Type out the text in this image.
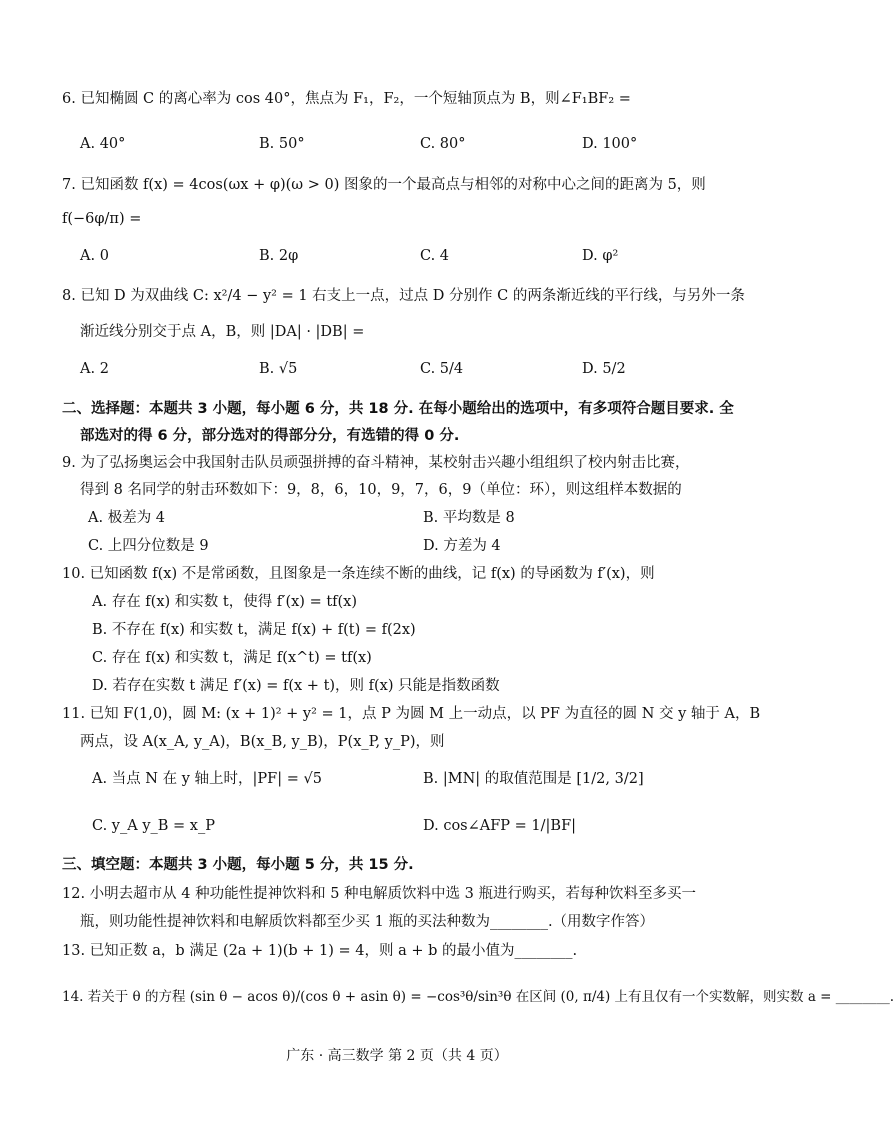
6. 已知椭圆 C 的离心率为 cos 40°，焦点为 F₁，F₂，一个短轴顶点为 B，则∠F₁BF₂ =
A. 40°	B. 50°	C. 80°	D. 100°
7. 已知函数 f(x) = 4cos(ωx + φ)(ω > 0) 图象的一个最高点与相邻的对称中心之间的距离为 5，则
f(−6φ/π) =
A. 0	B. 2φ	C. 4	D. φ²
8. 已知 D 为双曲线 C: x²/4 − y² = 1 右支上一点，过点 D 分别作 C 的两条渐近线的平行线，与另外一条
渐近线分别交于点 A，B，则 |DA| · |DB| =
A. 2	B. √5	C. 5/4	D. 5/2
二、选择题：本题共 3 小题，每小题 6 分，共 18 分. 在每小题给出的选项中，有多项符合题目要求. 全
部选对的得 6 分，部分选对的得部分分，有选错的得 0 分.
9. 为了弘扬奥运会中我国射击队员顽强拼搏的奋斗精神，某校射击兴趣小组组织了校内射击比赛，
得到 8 名同学的射击环数如下：9，8，6，10，9，7，6，9（单位：环），则这组样本数据的
A. 极差为 4	B. 平均数是 8
C. 上四分位数是 9	D. 方差为 4
10. 已知函数 f(x) 不是常函数，且图象是一条连续不断的曲线，记 f(x) 的导函数为 f′(x)，则
A. 存在 f(x) 和实数 t，使得 f′(x) = tf(x)
B. 不存在 f(x) 和实数 t，满足 f(x) + f(t) = f(2x)
C. 存在 f(x) 和实数 t，满足 f(x^t) = tf(x)
D. 若存在实数 t 满足 f′(x) = f(x + t)，则 f(x) 只能是指数函数
11. 已知 F(1,0)，圆 M: (x + 1)² + y² = 1，点 P 为圆 M 上一动点，以 PF 为直径的圆 N 交 y 轴于 A，B
两点，设 A(x_A, y_A)，B(x_B, y_B)，P(x_P, y_P)，则
A. 当点 N 在 y 轴上时，|PF| = √5	B. |MN| 的取值范围是 [1/2, 3/2]
C. y_A y_B = x_P	D. cos∠AFP = 1/|BF|
三、填空题：本题共 3 小题，每小题 5 分，共 15 分.
12. 小明去超市从 4 种功能性提神饮料和 5 种电解质饮料中选 3 瓶进行购买，若每种饮料至多买一
瓶，则功能性提神饮料和电解质饮料都至少买 1 瓶的买法种数为________.（用数字作答）
13. 已知正数 a，b 满足 (2a + 1)(b + 1) = 4，则 a + b 的最小值为________.
14. 若关于 θ 的方程 (sin θ − acos θ)/(cos θ + asin θ) = −cos³θ/sin³θ 在区间 (0, π/4) 上有且仅有一个实数解，则实数 a = ________.
广东 · 高三数学 第 2 页（共 4 页）
